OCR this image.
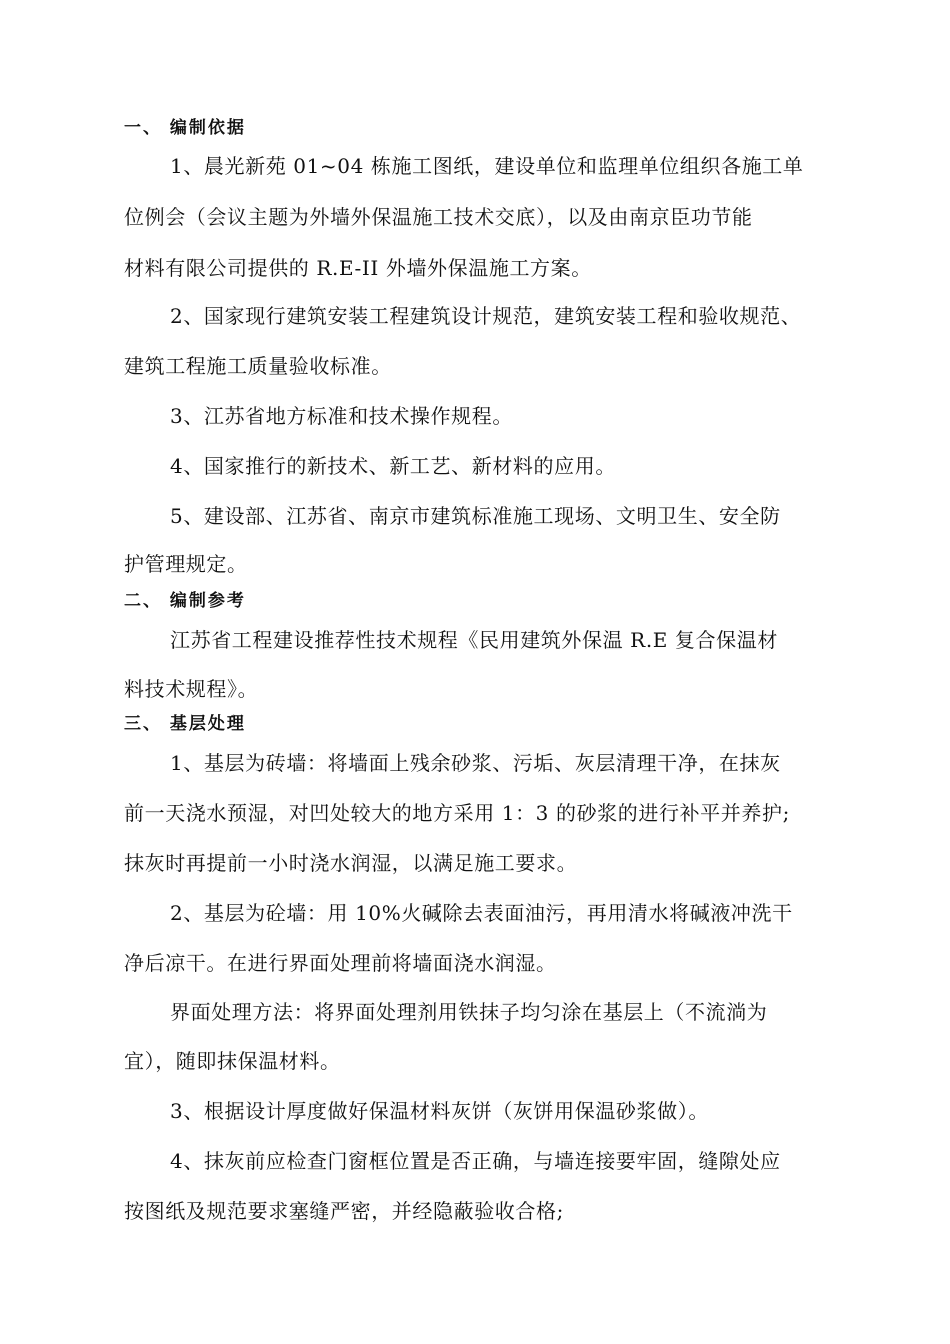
一、 编制依据
1、晨光新苑 01~04 栋施工图纸，建设单位和监理单位组织各施工单
位例会（会议主题为外墙外保温施工技术交底），以及由南京臣功节能
材料有限公司提供的 R.E-II 外墙外保温施工方案。
2、国家现行建筑安装工程建筑设计规范，建筑安装工程和验收规范、
建筑工程施工质量验收标准。
3、江苏省地方标准和技术操作规程。
4、国家推行的新技术、新工艺、新材料的应用。
5、建设部、江苏省、南京市建筑标准施工现场、文明卫生、安全防
护管理规定。
二、 编制参考
江苏省工程建设推荐性技术规程《民用建筑外保温 R.E 复合保温材
料技术规程》。
三、 基层处理
1、基层为砖墙：将墙面上残余砂浆、污垢、灰层清理干净，在抹灰
前一天浇水预湿，对凹处较大的地方采用 1：3 的砂浆的进行补平并养护;
抹灰时再提前一小时浇水润湿，以满足施工要求。
2、基层为砼墙：用 10%火碱除去表面油污，再用清水将碱液冲洗干
净后凉干。在进行界面处理前将墙面浇水润湿。
界面处理方法：将界面处理剂用铁抹子均匀涂在基层上（不流淌为
宜），随即抹保温材料。
3、根据设计厚度做好保温材料灰饼（灰饼用保温砂浆做）。
4、抹灰前应检查门窗框位置是否正确，与墙连接要牢固，缝隙处应
按图纸及规范要求塞缝严密，并经隐蔽验收合格;
